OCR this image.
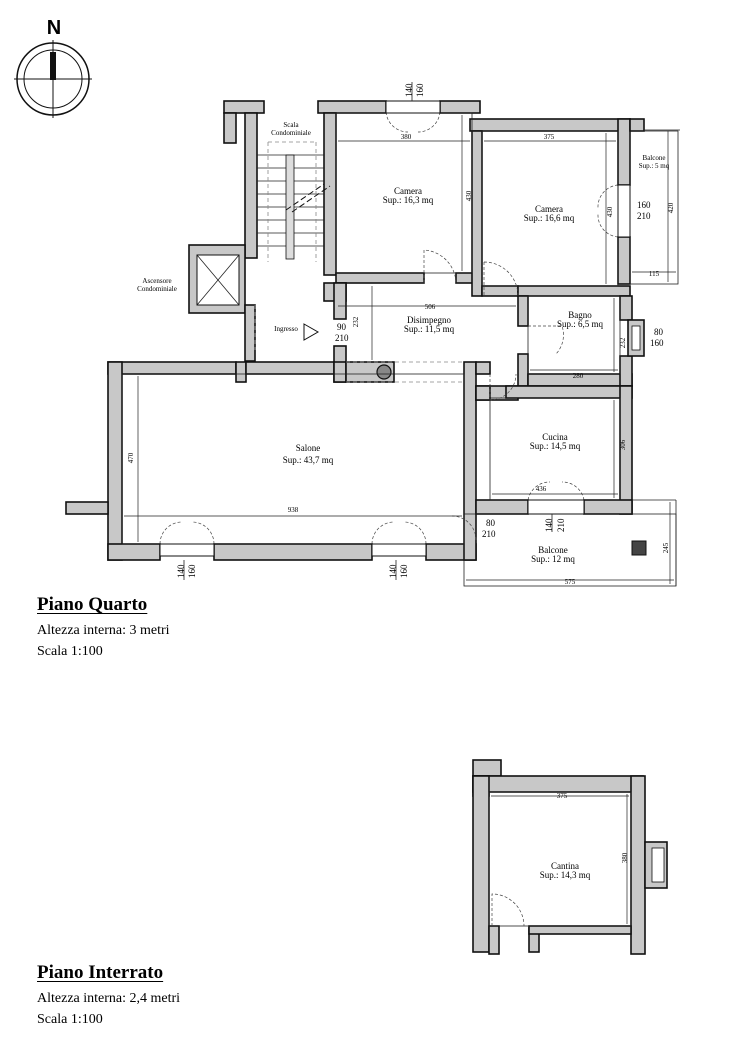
N
Scala
Condominiale
Ascensore
Condominiale
Ingresso
Camera
Sup.: 16,3 mq
Camera
Sup.: 16,6 mq
Balcone
Sup.: 5 mq
Disimpegno
Sup.: 11,5 mq
Bagno
Sup.: 6,5 mq
Salone
Sup.: 43,7 mq
Cucina
Sup.: 14,5 mq
Balcone
Sup.: 12 mq
380	375
430
430
140 160
160
210
420
115
506
232
90
210
280
232
80
160
938
470
140 160	140 160
436
306
140 210
80
210
575
245
375
380
Cantina
Sup.: 14,3 mq
Piano Quarto
Altezza interna: 3 metri
Scala 1:100
Piano Interrato
Altezza interna: 2,4 metri
Scala 1:100
